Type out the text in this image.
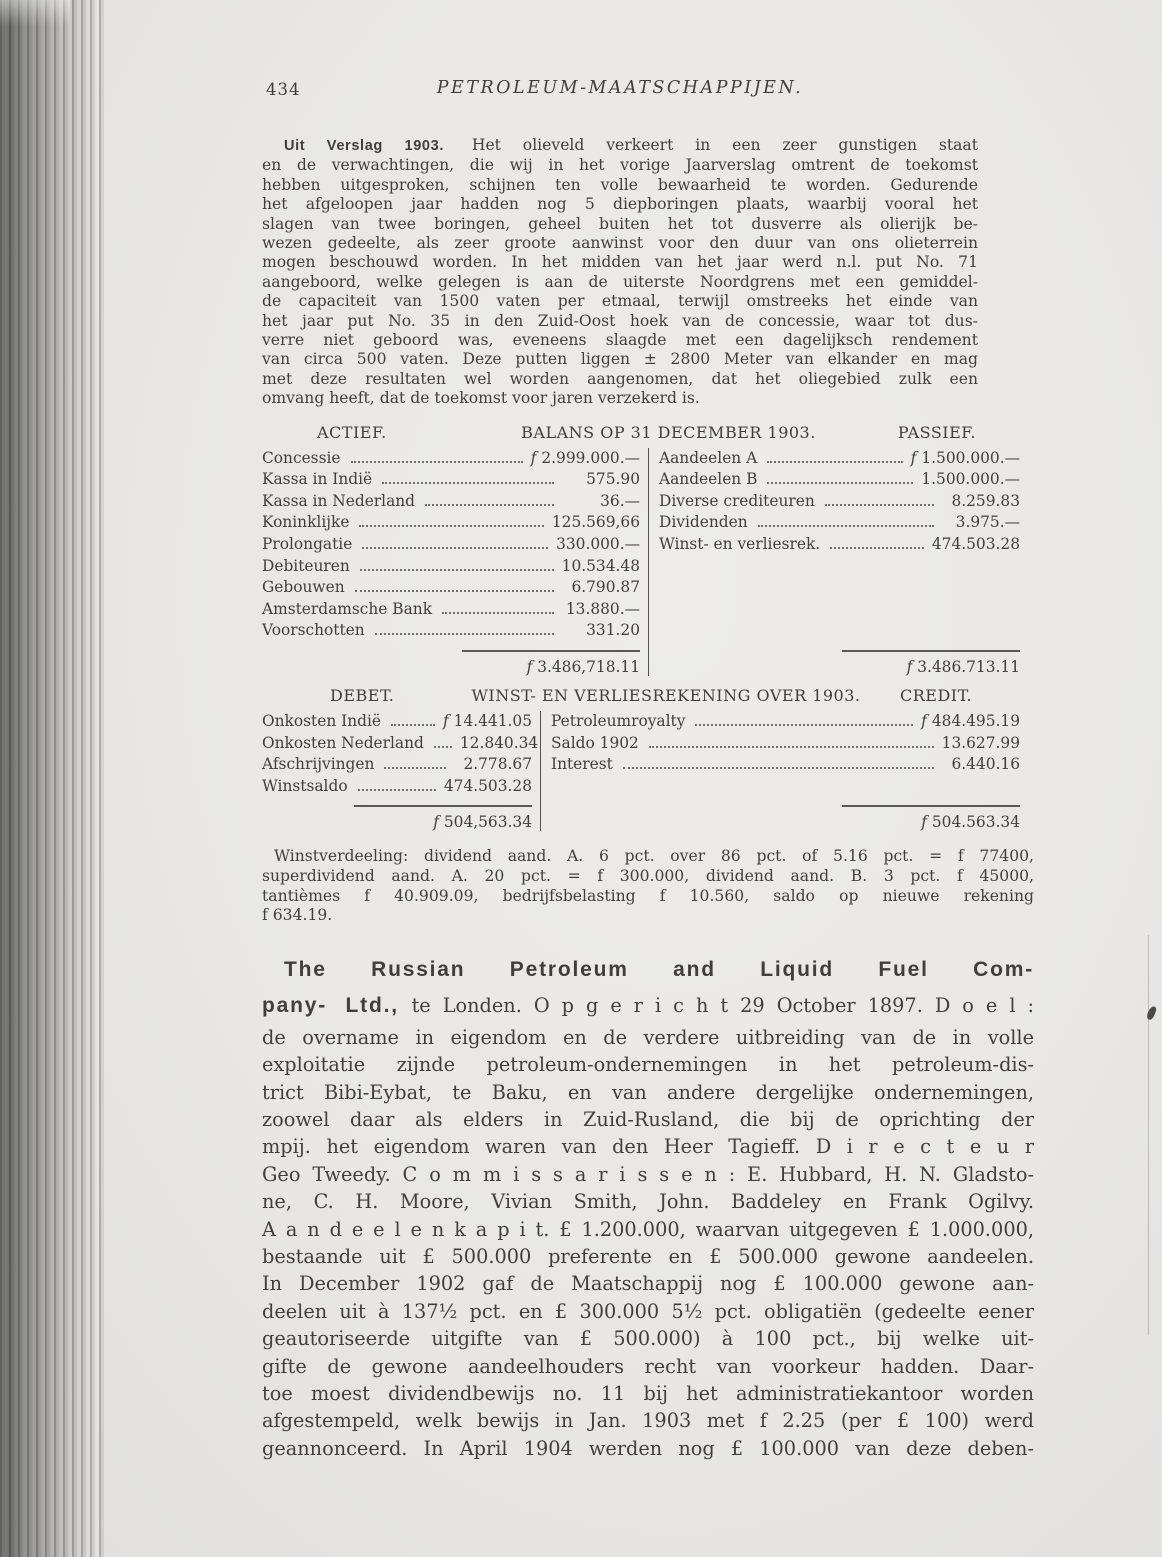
434	PETROLEUM-MAATSCHAPPIJEN.
Uit Verslag 1903. Het olieveld verkeert in een zeer gunstigen staat
en de verwachtingen, die wij in het vorige Jaarverslag omtrent de toekomst
hebben uitgesproken, schijnen ten volle bewaarheid te worden. Gedurende
het afgeloopen jaar hadden nog 5 diepboringen plaats, waarbij vooral het
slagen van twee boringen, geheel buiten het tot dusverre als olierijk be-
wezen gedeelte, als zeer groote aanwinst voor den duur van ons olieterrein
mogen beschouwd worden. In het midden van het jaar werd n.l. put No. 71
aangeboord, welke gelegen is aan de uiterste Noordgrens met een gemiddel-
de capaciteit van 1500 vaten per etmaal, terwijl omstreeks het einde van
het jaar put No. 35 in den Zuid-Oost hoek van de concessie, waar tot dus-
verre niet geboord was, eveneens slaagde met een dagelijksch rendement
van circa 500 vaten. Deze putten liggen ± 2800 Meter van elkander en mag
met deze resultaten wel worden aangenomen, dat het oliegebied zulk een
omvang heeft, dat de toekomst voor jaren verzekerd is.
ACTIEF.	BALANS OP 31 DECEMBER 1903.	PASSIEF.
Concessie	f 2.999.000.—
Kassa in Indië	575.90
Kassa in Nederland	36.—
Koninklijke	125.569,66
Prolongatie	330.000.—
Debiteuren	10.534.48
Gebouwen	6.790.87
Amsterdamsche Bank	13.880.—
Voorschotten	331.20
f 3.486,718.11
Aandeelen A	f 1.500.000.—
Aandeelen B	1.500.000.—
Diverse crediteuren	8.259.83
Dividenden	3.975.—
Winst- en verliesrek.	474.503.28
f 3.486.713.11
DEBET.	WINST- EN VERLIESREKENING OVER 1903.	CREDIT.
Onkosten Indië	f 14.441.05
Onkosten Nederland 12.840.34
Afschrijvingen	2.778.67
Winstsaldo	474.503.28
f 504,563.34
Petroleumroyalty	f 484.495.19
Saldo 1902	13.627.99
Interest	6.440.16
f 504.563.34
Winstverdeeling: dividend aand. A. 6 pct. over 86 pct. of 5.16 pct. = f 77400,
superdividend aand. A. 20 pct. = f 300.000, dividend aand. B. 3 pct. f 45000,
tantièmes f 40.909.09, bedrijfsbelasting f 10.560, saldo op nieuwe rekening
f 634.19.
The Russian Petroleum and Liquid Fuel Com-
pany- Ltd., te Londen. O p g e r i c h t 29 October 1897. D o e l :
de overname in eigendom en de verdere uitbreiding van de in volle
exploitatie zijnde petroleum-ondernemingen in het petroleum-dis-
trict Bibi-Eybat, te Baku, en van andere dergelijke ondernemingen,
zoowel daar als elders in Zuid-Rusland, die bij de oprichting der
mpij. het eigendom waren van den Heer Tagieff. D i r e c t e u r
Geo Tweedy. C o m m i s s a r i s s e n : E. Hubbard, H. N. Gladsto-
ne, C. H. Moore, Vivian Smith, John. Baddeley en Frank Ogilvy.
A a n d e e l e n k a p i t. £ 1.200.000, waarvan uitgegeven £ 1.000.000,
bestaande uit £ 500.000 preferente en £ 500.000 gewone aandeelen.
In December 1902 gaf de Maatschappij nog £ 100.000 gewone aan-
deelen uit à 137½ pct. en £ 300.000 5½ pct. obligatiën (gedeelte eener
geautoriseerde uitgifte van £ 500.000) à 100 pct., bij welke uit-
gifte de gewone aandeelhouders recht van voorkeur hadden. Daar-
toe moest dividendbewijs no. 11 bij het administratiekantoor worden
afgestempeld, welk bewijs in Jan. 1903 met f 2.25 (per £ 100) werd
geannonceerd. In April 1904 werden nog £ 100.000 van deze deben-
